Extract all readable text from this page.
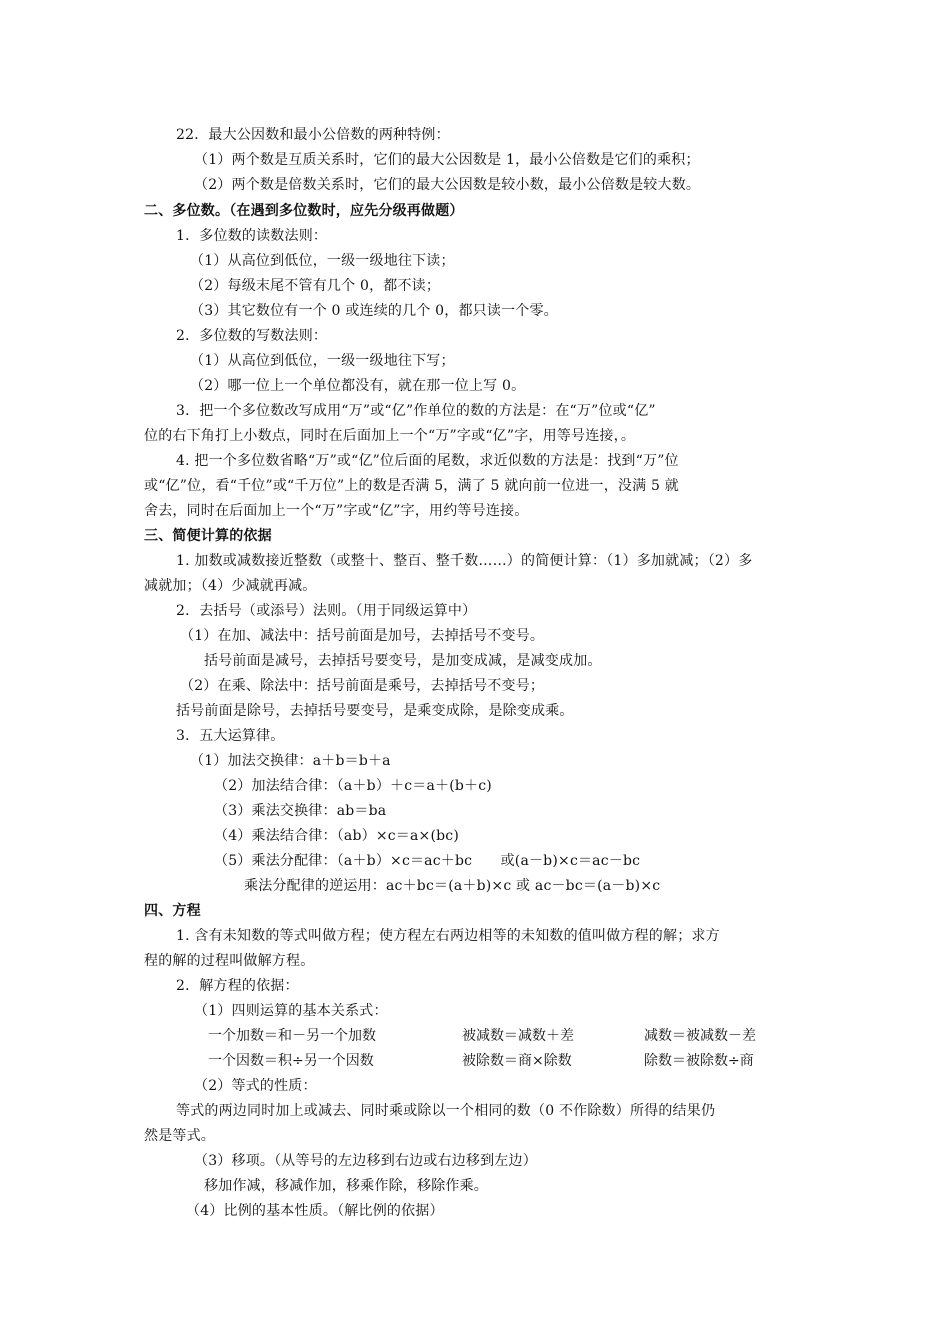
22．最大公因数和最小公倍数的两种特例：
（1）两个数是互质关系时，它们的最大公因数是 1，最小公倍数是它们的乘积；
（2）两个数是倍数关系时，它们的最大公因数是较小数，最小公倍数是较大数。
二、多位数。（在遇到多位数时，应先分级再做题）
1．多位数的读数法则：
（1）从高位到低位，一级一级地往下读；
（2）每级末尾不管有几个 0，都不读；
（3）其它数位有一个 0 或连续的几个 0，都只读一个零。
2．多位数的写数法则：
（1）从高位到低位，一级一级地往下写；
（2）哪一位上一个单位都没有，就在那一位上写 0。
3．把一个多位数改写成用“万”或“亿”作单位的数的方法是：在“万”位或“亿”
位的右下角打上小数点，同时在后面加上一个“万”字或“亿”字，用等号连接，。
4. 把一个多位数省略“万”或“亿”位后面的尾数，求近似数的方法是：找到“万”位
或“亿”位，看“千位”或“千万位”上的数是否满 5，满了 5 就向前一位进一，没满 5 就
舍去，同时在后面加上一个“万”字或“亿”字，用约等号连接。
三、简便计算的依据
1. 加数或减数接近整数（或整十、整百、整千数……）的简便计算：（1）多加就减；（2）多
减就加；（4）少减就再减。
2．去括号（或添号）法则。（用于同级运算中）
（1）在加、减法中：括号前面是加号，去掉括号不变号。
括号前面是减号，去掉括号要变号，是加变成减，是减变成加。
（2）在乘、除法中：括号前面是乘号，去掉括号不变号；
括号前面是除号，去掉括号要变号，是乘变成除，是除变成乘。
3．五大运算律。
（1）加法交换律：a＋b＝b＋a
（2）加法结合律：（a＋b）＋c＝a＋(b＋c)
（3）乘法交换律：ab＝ba
（4）乘法结合律：（ab）×c＝a×(bc)
（5）乘法分配律：（a＋b）×c＝ac＋bc　　或(a－b)×c＝ac－bc
乘法分配律的逆运用：ac＋bc＝(a＋b)×c 或 ac－bc＝(a－b)×c
四、方程
1. 含有未知数的等式叫做方程；使方程左右两边相等的未知数的值叫做方程的解；求方
程的解的过程叫做解方程。
2．解方程的依据：
（1）四则运算的基本关系式：
一个加数＝和－另一个加数	被减数＝减数＋差	减数＝被减数－差
一个因数＝积÷另一个因数	被除数＝商×除数	除数＝被除数÷商
（2）等式的性质：
等式的两边同时加上或减去、同时乘或除以一个相同的数（0 不作除数）所得的结果仍
然是等式。
（3）移项。（从等号的左边移到右边或右边移到左边）
移加作减，移减作加，移乘作除，移除作乘。
（4）比例的基本性质。（解比例的依据）
